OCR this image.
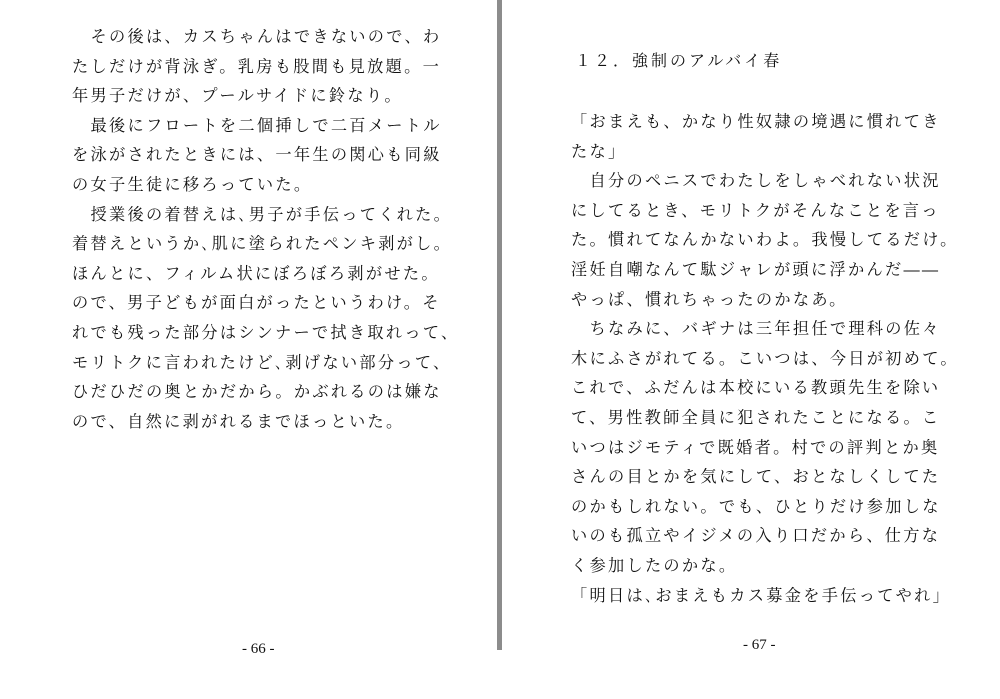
　その後は、カスちゃんはできないので、わ
たしだけが背泳ぎ。乳房も股間も見放題。一
年男子だけが、プールサイドに鈴なり。
　最後にフロートを二個挿しで二百メートル
を泳がされたときには、一年生の関心も同級
の女子生徒に移ろっていた。
　授業後の着替えは､男子が手伝ってくれた。
着替えというか､肌に塗られたペンキ剥がし。
ほんとに、フィルム状にぼろぼろ剥がせた。
ので、男子どもが面白がったというわけ。そ
れでも残った部分はシンナーで拭き取れって、
モリトクに言われたけど､剥げない部分って、
ひだひだの奥とかだから。かぶれるのは嫌な
ので、自然に剥がれるまでほっといた。
- 66 -
１２．強制のアルバイ春
「おまえも、かなり性奴隷の境遇に慣れてき
たな」
　自分のペニスでわたしをしゃべれない状況
にしてるとき、モリトクがそんなことを言っ
た。慣れてなんかないわよ。我慢してるだけ。
淫妊自嘲なんて駄ジャレが頭に浮かんだ――
やっぱ、慣れちゃったのかなあ。
　ちなみに、バギナは三年担任で理科の佐々
木にふさがれてる。こいつは、今日が初めて。
これで、ふだんは本校にいる教頭先生を除い
て、男性教師全員に犯されたことになる。こ
いつはジモティで既婚者。村での評判とか奥
さんの目とかを気にして、おとなしくしてた
のかもしれない。でも、ひとりだけ参加しな
いのも孤立やイジメの入り口だから、仕方な
く参加したのかな。
「明日は､おまえもカス募金を手伝ってやれ」
- 67 -
